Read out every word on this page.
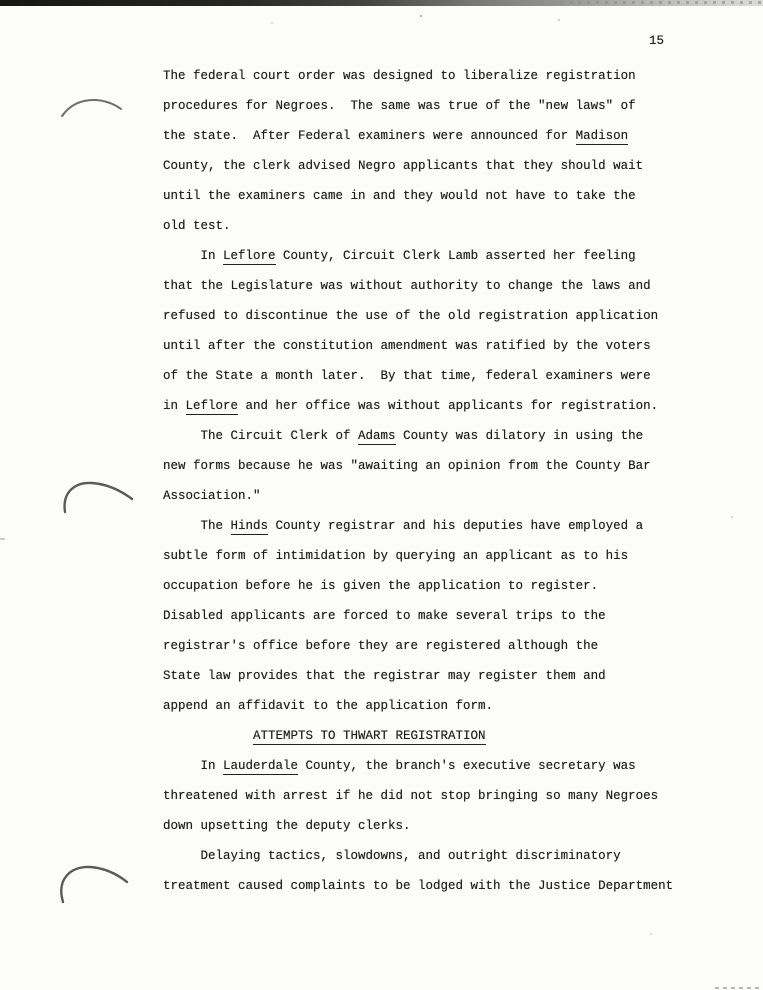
15
The federal court order was designed to liberalize registration
procedures for Negroes.  The same was true of the "new laws" of
the state.  After Federal examiners were announced for Madison
County, the clerk advised Negro applicants that they should wait
until the examiners came in and they would not have to take the
old test.
In Leflore County, Circuit Clerk Lamb asserted her feeling
that the Legislature was without authority to change the laws and
refused to discontinue the use of the old registration application
until after the constitution amendment was ratified by the voters
of the State a month later.  By that time, federal examiners were
in Leflore and her office was without applicants for registration.
The Circuit Clerk of Adams County was dilatory in using the
new forms because he was "awaiting an opinion from the County Bar
Association."
The Hinds County registrar and his deputies have employed a
subtle form of intimidation by querying an applicant as to his
occupation before he is given the application to register.
Disabled applicants are forced to make several trips to the
registrar's office before they are registered although the
State law provides that the registrar may register them and
append an affidavit to the application form.
ATTEMPTS TO THWART REGISTRATION
In Lauderdale County, the branch's executive secretary was
threatened with arrest if he did not stop bringing so many Negroes
down upsetting the deputy clerks.
Delaying tactics, slowdowns, and outright discriminatory
treatment caused complaints to be lodged with the Justice Department
